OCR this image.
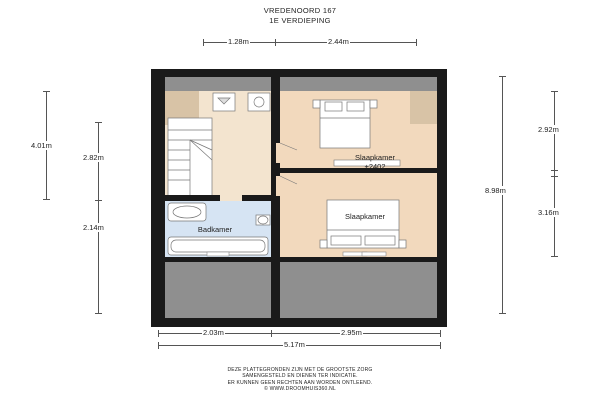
VREDENOORD 167
1E VERDIEPING
1.28m	2.44m
4.01m
2.82m
2.14m
8.98m
2.92m
3.16m
2.03m	2.95m
5.17m
Slaapkamer
+2402
Slaapkamer
Badkamer
DEZE PLATTEGRONDEN ZIJN MET DE GROOTSTE ZORG
SAMENGESTELD EN DIENEN TER INDICATIE.
ER KUNNEN GEEN RECHTEN AAN WORDEN ONTLEEND.
© WWW.DROOMHUIS360.NL
